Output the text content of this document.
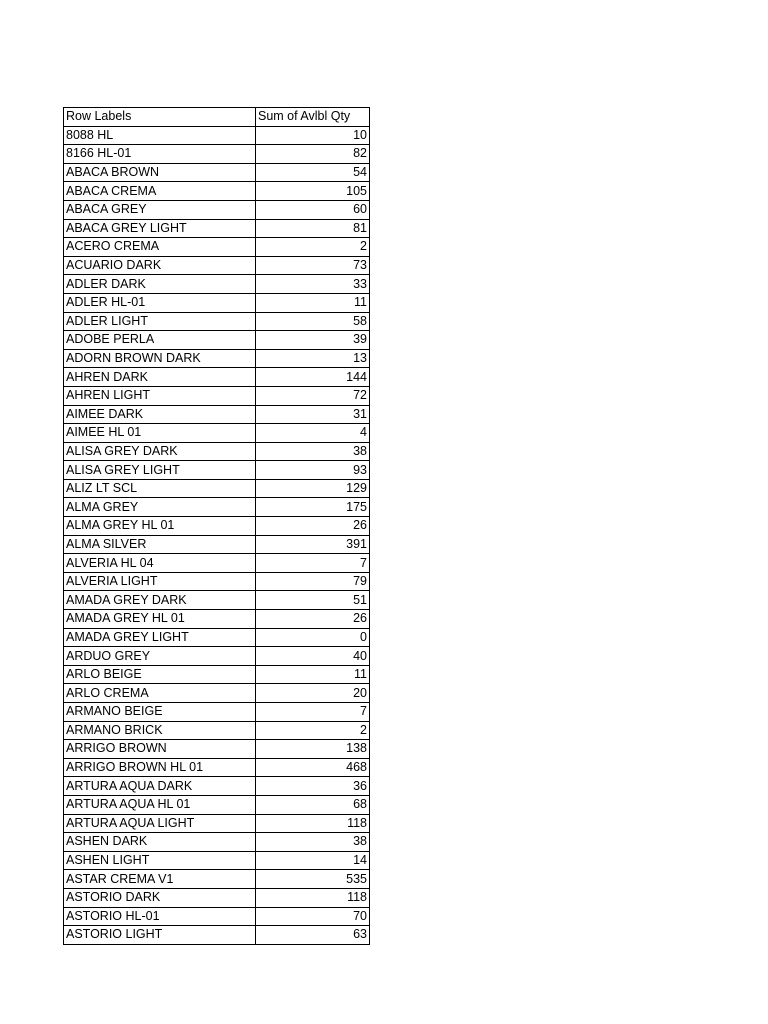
Row Labels	Sum of Avlbl Qty
8088 HL	10
8166 HL-01	82
ABACA BROWN	54
ABACA CREMA	105
ABACA GREY	60
ABACA GREY LIGHT	81
ACERO CREMA	2
ACUARIO DARK	73
ADLER DARK	33
ADLER HL-01	11
ADLER LIGHT	58
ADOBE PERLA	39
ADORN BROWN DARK	13
AHREN DARK	144
AHREN LIGHT	72
AIMEE DARK	31
AIMEE HL 01	4
ALISA GREY DARK	38
ALISA GREY LIGHT	93
ALIZ LT SCL	129
ALMA GREY	175
ALMA GREY HL 01	26
ALMA SILVER	391
ALVERIA HL 04	7
ALVERIA LIGHT	79
AMADA GREY DARK	51
AMADA GREY HL 01	26
AMADA GREY LIGHT	0
ARDUO GREY	40
ARLO BEIGE	11
ARLO CREMA	20
ARMANO BEIGE	7
ARMANO BRICK	2
ARRIGO BROWN	138
ARRIGO BROWN HL 01	468
ARTURA AQUA DARK	36
ARTURA AQUA HL 01	68
ARTURA AQUA LIGHT	118
ASHEN DARK	38
ASHEN LIGHT	14
ASTAR CREMA V1	535
ASTORIO DARK	118
ASTORIO HL-01	70
ASTORIO LIGHT	63
